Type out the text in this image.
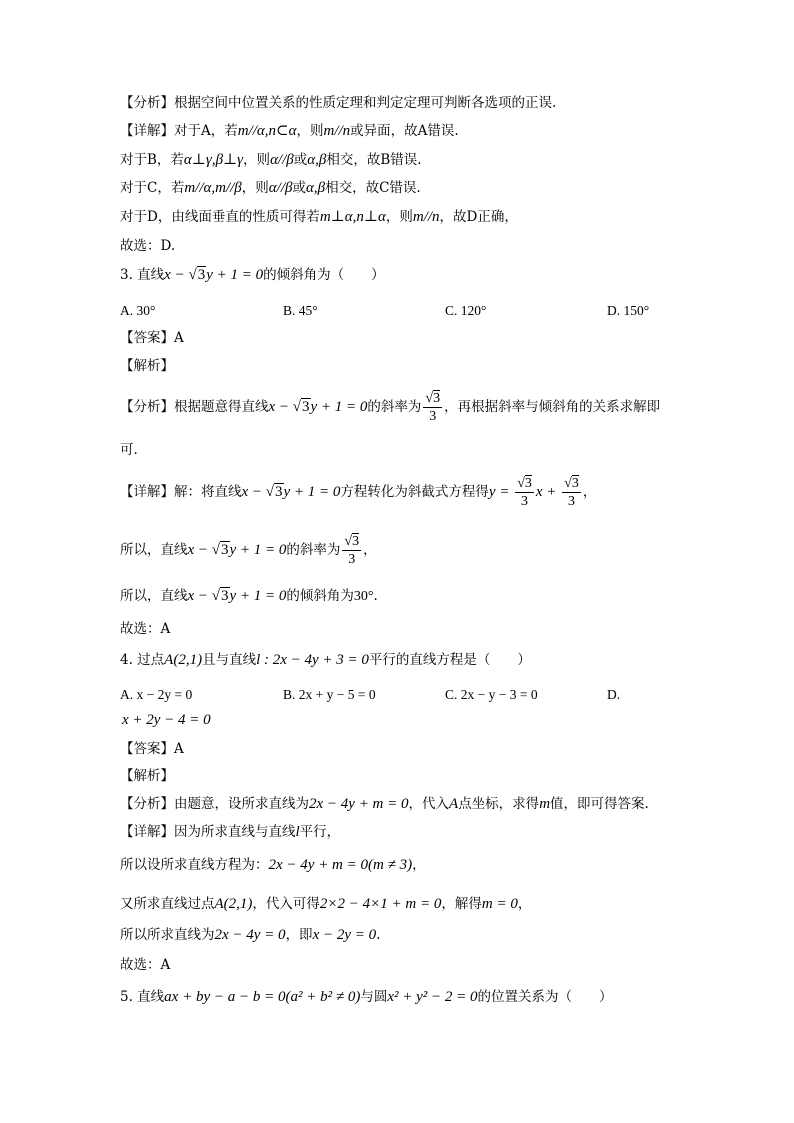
【分析】根据空间中位置关系的性质定理和判定定理可判断各选项的正误.
【详解】对于A，若m//α,n⊂α，则m//n或异面，故A错误.
对于B，若α⊥γ,β⊥γ，则α//β或α,β相交，故B错误.
对于C，若m//α,m//β，则α//β或α,β相交，故C错误.
对于D，由线面垂直的性质可得若m⊥α,n⊥α，则m//n，故D正确，
故选：D.
3. 直线x − √3y + 1 = 0的倾斜角为（　　）
A. 30°	B. 45°	C. 120°	D. 150°
【答案】A
【解析】
【分析】根据题意得直线x − √3y + 1 = 0的斜率为 $\frac{√3}{3}$ ，再根据斜率与倾斜角的关系求解即
可.
【详解】解：将直线x − √3y + 1 = 0方程转化为斜截式方程得$y = \frac{√3}{3}$ $x + \frac{√3}{3}$ ，
所以，直线x − √3y + 1 = 0的斜率为 $\frac{√3}{3}$ ，
所以，直线x − √3y + 1 = 0的倾斜角为30°.
故选：A
4. 过点A(2,1)且与直线l : 2x − 4y + 3 = 0平行的直线方程是（　　）
A. x − 2y = 0	B. 2x + y − 5 = 0	C. 2x − y − 3 = 0	D.
x + 2y − 4 = 0
【答案】A
【解析】
【分析】由题意，设所求直线为2x − 4y + m = 0，代入A点坐标，求得m值，即可得答案.
【详解】因为所求直线与直线l平行，
所以设所求直线方程为：2x − 4y + m = 0(m ≠ 3)，
又所求直线过点A(2,1)，代入可得2×2 − 4×1 + m = 0，解得m = 0，
所以所求直线为2x − 4y = 0，即x − 2y = 0.
故选：A
5. 直线ax + by − a − b = 0(a² + b² ≠ 0)与圆x² + y² − 2 = 0的位置关系为（　　）
